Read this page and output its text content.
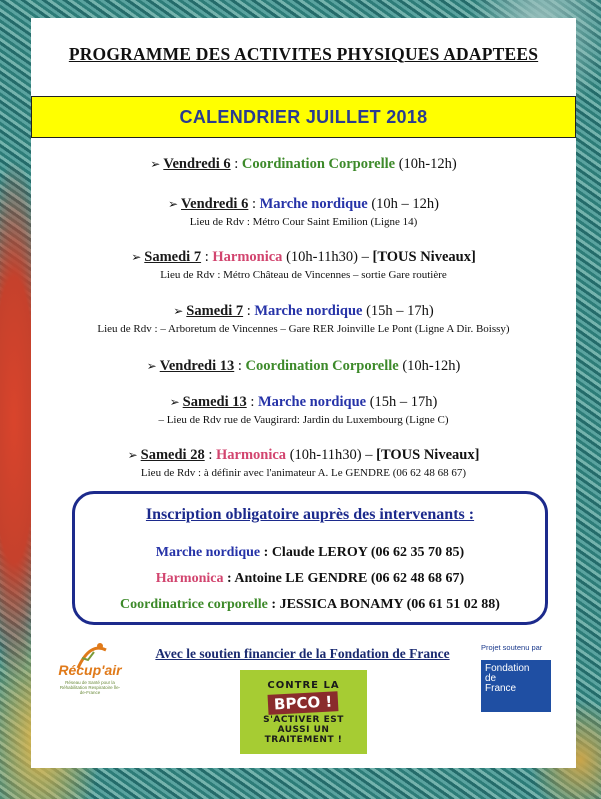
PROGRAMME DES ACTIVITES PHYSIQUES ADAPTEES
CALENDRIER JUILLET 2018
➢ Vendredi 6 : Coordination Corporelle (10h-12h)
➢ Vendredi 6 : Marche nordique (10h – 12h)
Lieu de Rdv : Métro Cour Saint Emilion (Ligne 14)
➢ Samedi 7 : Harmonica (10h-11h30) – [TOUS Niveaux]
Lieu de Rdv : Métro Château de Vincennes – sortie Gare routière
➢ Samedi 7 : Marche nordique (15h – 17h)
Lieu de Rdv : – Arboretum de Vincennes – Gare RER Joinville Le Pont (Ligne A Dir. Boissy)
➢ Vendredi 13 : Coordination Corporelle (10h-12h)
➢ Samedi 13 : Marche nordique (15h – 17h)
– Lieu de Rdv rue de Vaugirard: Jardin du Luxembourg (Ligne C)
➢ Samedi 28 : Harmonica (10h-11h30) – [TOUS Niveaux]
Lieu de Rdv : à définir avec l'animateur A. Le GENDRE (06 62 48 68 67)
Inscription obligatoire auprès des intervenants :
Marche nordique : Claude LEROY (06 62 35 70 85)
Harmonica : Antoine LE GENDRE (06 62 48 68 67)
Coordinatrice corporelle : JESSICA BONAMY (06 61 51 02 88)
Avec le soutien financier de la Fondation de France
Récup'air
Réseau de Santé pour la Réhabilitation Respiratoire Île-de-France
CONTRE LA
BPCO !
S'ACTIVER EST AUSSI UN TRAITEMENT !
Projet soutenu par
Fondation de France
